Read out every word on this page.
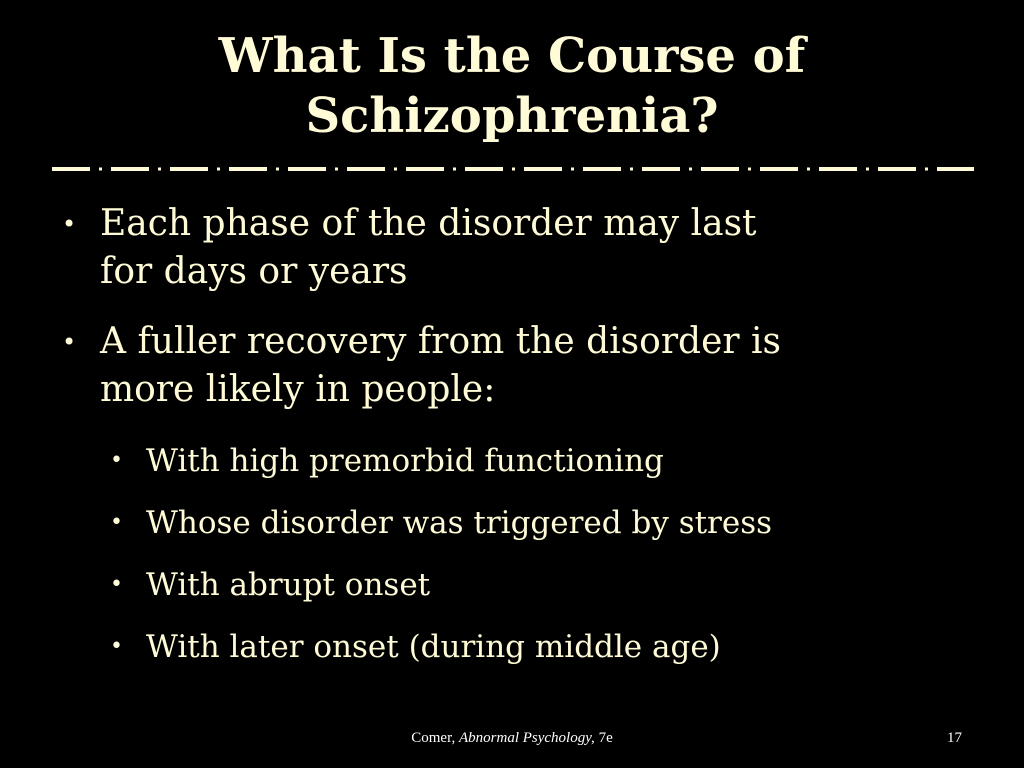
What Is the Course of
Schizophrenia?
• Each phase of the disorder may last
for days or years
• A fuller recovery from the disorder is
more likely in people:
• With high premorbid functioning
• Whose disorder was triggered by stress
• With abrupt onset
• With later onset (during middle age)
Comer, Abnormal Psychology, 7e	17
